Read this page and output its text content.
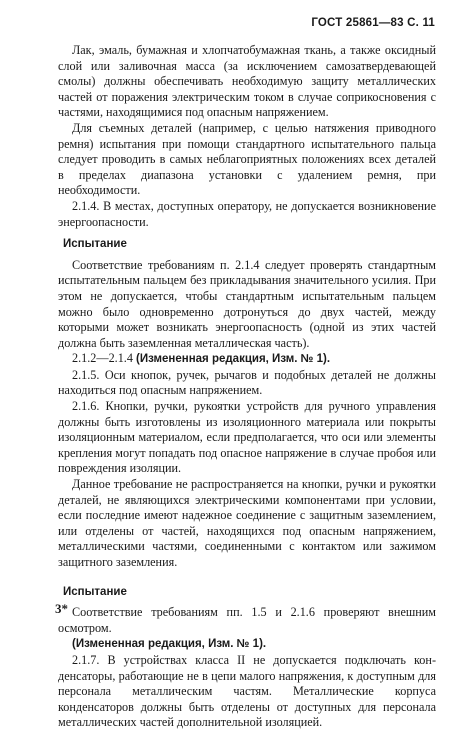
ГОСТ 25861—83 С. 11

Лак, эмаль, бумажная и хлопчатобумажная ткань, а также оксидный слой или заливочная масса (за исключением самозатвердевающей смолы) должны обеспечивать необходимую защиту металлических частей от поражения электрическим током в случае соприкосновения с частями, находящимися под опасным напряжением.

Для съемных деталей (например, с целью натяжения приводного ремня) испытания при помощи стандартного испытательного пальца следует проводить в самых неблагоприятных положениях всех деталей в пределах диапазона установки с удалением ремня, при необходимости.

2.1.4. В местах, доступных оператору, не допускается возникновение энергоопасности.

Испытание

Соответствие требованиям п. 2.1.4 следует проверять стандартным испытательным пальцем без прикладывания значительного усилия. При этом не допускается, чтобы стандартным испытательным пальцем можно было одновременно дотронуться до двух частей, между которыми может возникать энергоопасность (одной из этих частей должна быть заземленная металлическая часть).

2.1.2—2.1.4 (Измененная редакция, Изм. № 1).

2.1.5. Оси кнопок, ручек, рычагов и подобных деталей не должны находиться под опасным напряжением.

2.1.6. Кнопки, ручки, рукоятки устройств для ручного управления должны быть изготовлены из изоляционного материала или покрыты изоляционным материалом, если предполагается, что оси или элементы крепления могут попадать под опасное напряжение в случае пробоя или повреждения изоляции.

Данное требование не распространяется на кнопки, ручки и рукоятки деталей, не являющихся электрическими компонентами при условии, если последние имеют надежное соединение с защитным заземлением, или отделены от частей, находящихся под опасным напряжением, металлическими частями, соединенными с контактом или зажимом защитного заземления.

Испытание

Соответствие требованиям пп. 1.5 и 2.1.6 проверяют внешним осмотром.

(Измененная редакция, Изм. № 1).

2.1.7. В устройствах класса II не допускается подключать конденсаторы, работающие не в цепи малого напряжения, к доступным для персонала металлическим частям. Металлические корпуса конденсаторов должны быть отделены от доступных для персонала металлических частей дополнительной изоляцией.

3*
